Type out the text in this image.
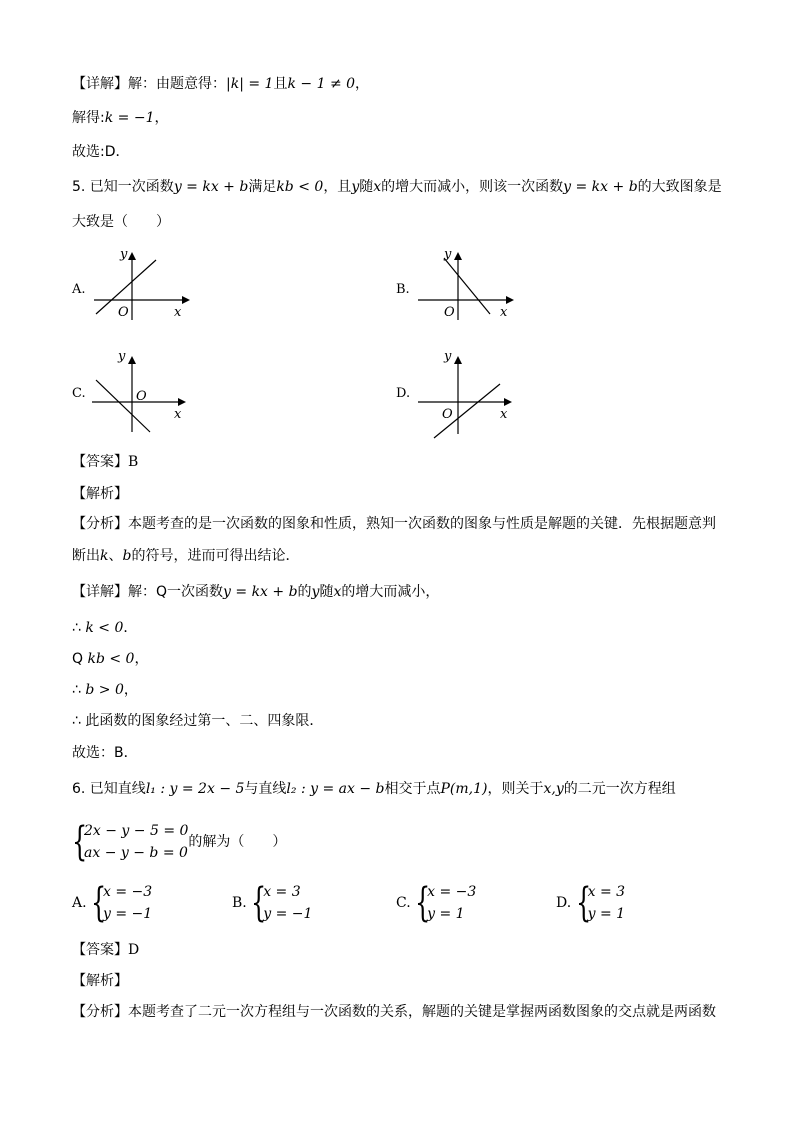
【详解】解：由题意得：|k| = 1且k − 1 ≠ 0，
解得:k = −1，
故选:D．
5. 已知一次函数y = kx + b满足kb < 0，且y随x的增大而减小，则该一次函数y = kx + b的大致图象是
大致是（　　）
A.
y
x
O
B.
y
x
O
C.
y
x
O	D.
y
x
O
【答案】B
【解析】
【分析】本题考查的是一次函数的图象和性质，熟知一次函数的图象与性质是解题的关键．先根据题意判
断出k、b的符号，进而可得出结论．
【详解】解：Q一次函数y = kx + b的y随x的增大而减小，
∴ k < 0．
Q kb < 0，
∴ b > 0，
∴ 此函数的图象经过第一、二、四象限．
故选：B．
6. 已知直线l₁ : y = 2x − 5与直线l₂ : y = ax − b相交于点P(m,1)，则关于x,y的二元一次方程组
{
2x − y − 5 = 0
ax − y − b = 0
的解为（　　）
A. {
x = −3
y = −1
B. {
x = 3
y = −1
C. {
x = −3
y = 1
D. {
x = 3
y = 1
【答案】D
【解析】
【分析】本题考查了二元一次方程组与一次函数的关系，解题的关键是掌握两函数图象的交点就是两函数
